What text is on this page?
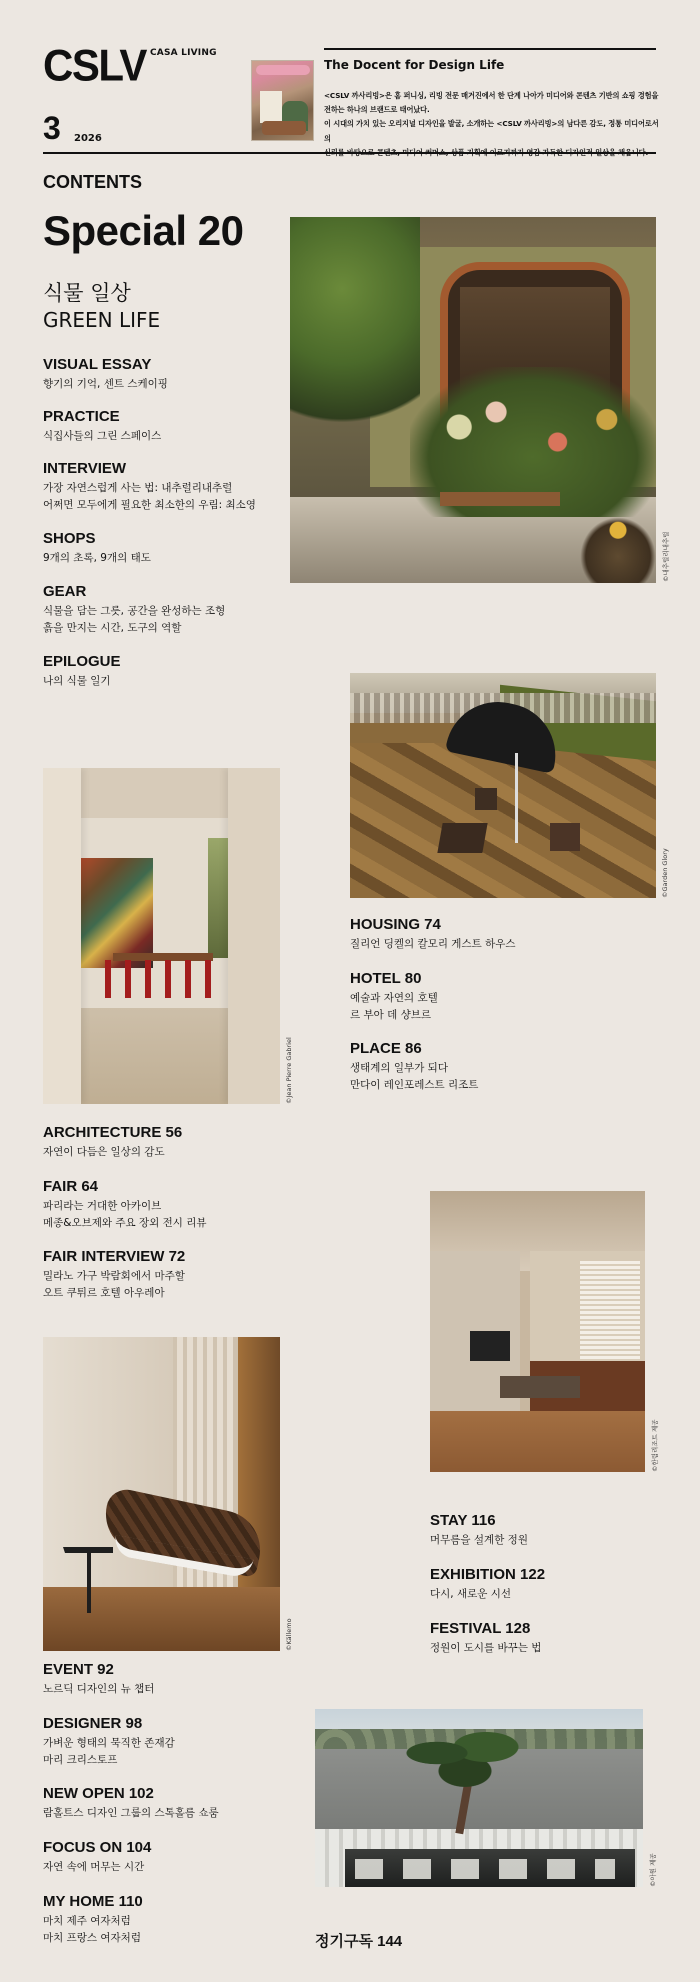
CSLV CASA LIVING
3 2026
The Docent for Design Life
<CSLV 까사리빙>은 홈 퍼니싱, 리빙 전문 매거진에서 한 단계 나아가 미디어와 콘텐츠 기반의 쇼핑 경험을
전하는 하나의 브랜드로 태어났다.
이 시대의 가치 있는 오리지널 디자인을 발굴, 소개하는 <CSLV 까사리빙>의 남다른 감도, 정통 미디어로서의
신뢰를 바탕으로 콘텐츠, 미디어 커머스, 상품 기획에 이르기까지 영감 가득한 디자인적 일상을 채웁니다.
CONTENTS
Special 20
식물 일상
GREEN LIFE
VISUAL ESSAY
향기의 기억, 센트 스케이핑
PRACTICE
식집사들의 그린 스페이스
INTERVIEW
가장 자연스럽게 사는 법: 내추럴리내추럴
어쩌면 모두에게 필요한 최소한의 우림: 최소영
SHOPS
9개의 초록, 9개의 태도
GEAR
식물을 담는 그릇, 공간을 완성하는 조형
흙을 만지는 시간, 도구의 역할
EPILOGUE
나의 식물 일기
©내추럴리내추럴
©Garden Glory
HOUSING 74
질리언 딩켈의 칼모리 게스트 하우스
HOTEL 80
예술과 자연의 호텔
르 부아 데 샹브르
PLACE 86
생태계의 일부가 되다
만다이 레인포레스트 리조트
©Jean Pierre Gabriel
ARCHITECTURE 56
자연이 다듬은 일상의 감도
FAIR 64
파리라는 거대한 아카이브
메종&오브제와 주요 장외 전시 리뷰
FAIR INTERVIEW 72
밀라노 가구 박람회에서 마주할
오트 쿠튀르 호텔 아우레아
©한림리조트 제공
STAY 116
머무름을 설계한 정원
EXHIBITION 122
다시, 새로운 시선
FESTIVAL 128
정원이 도시를 바꾸는 법
©Källemo
EVENT 92
노르딕 디자인의 뉴 챕터
DESIGNER 98
가벼운 형태의 묵직한 존재감
마리 크리스토프
NEW OPEN 102
람홀트스 디자인 그룹의 스톡홀름 쇼룸
FOCUS ON 104
자연 속에 머무는 시간
MY HOME 110
마치 제주 여자처럼
마치 프랑스 여자처럼
©아원 제공
정기구독 144
